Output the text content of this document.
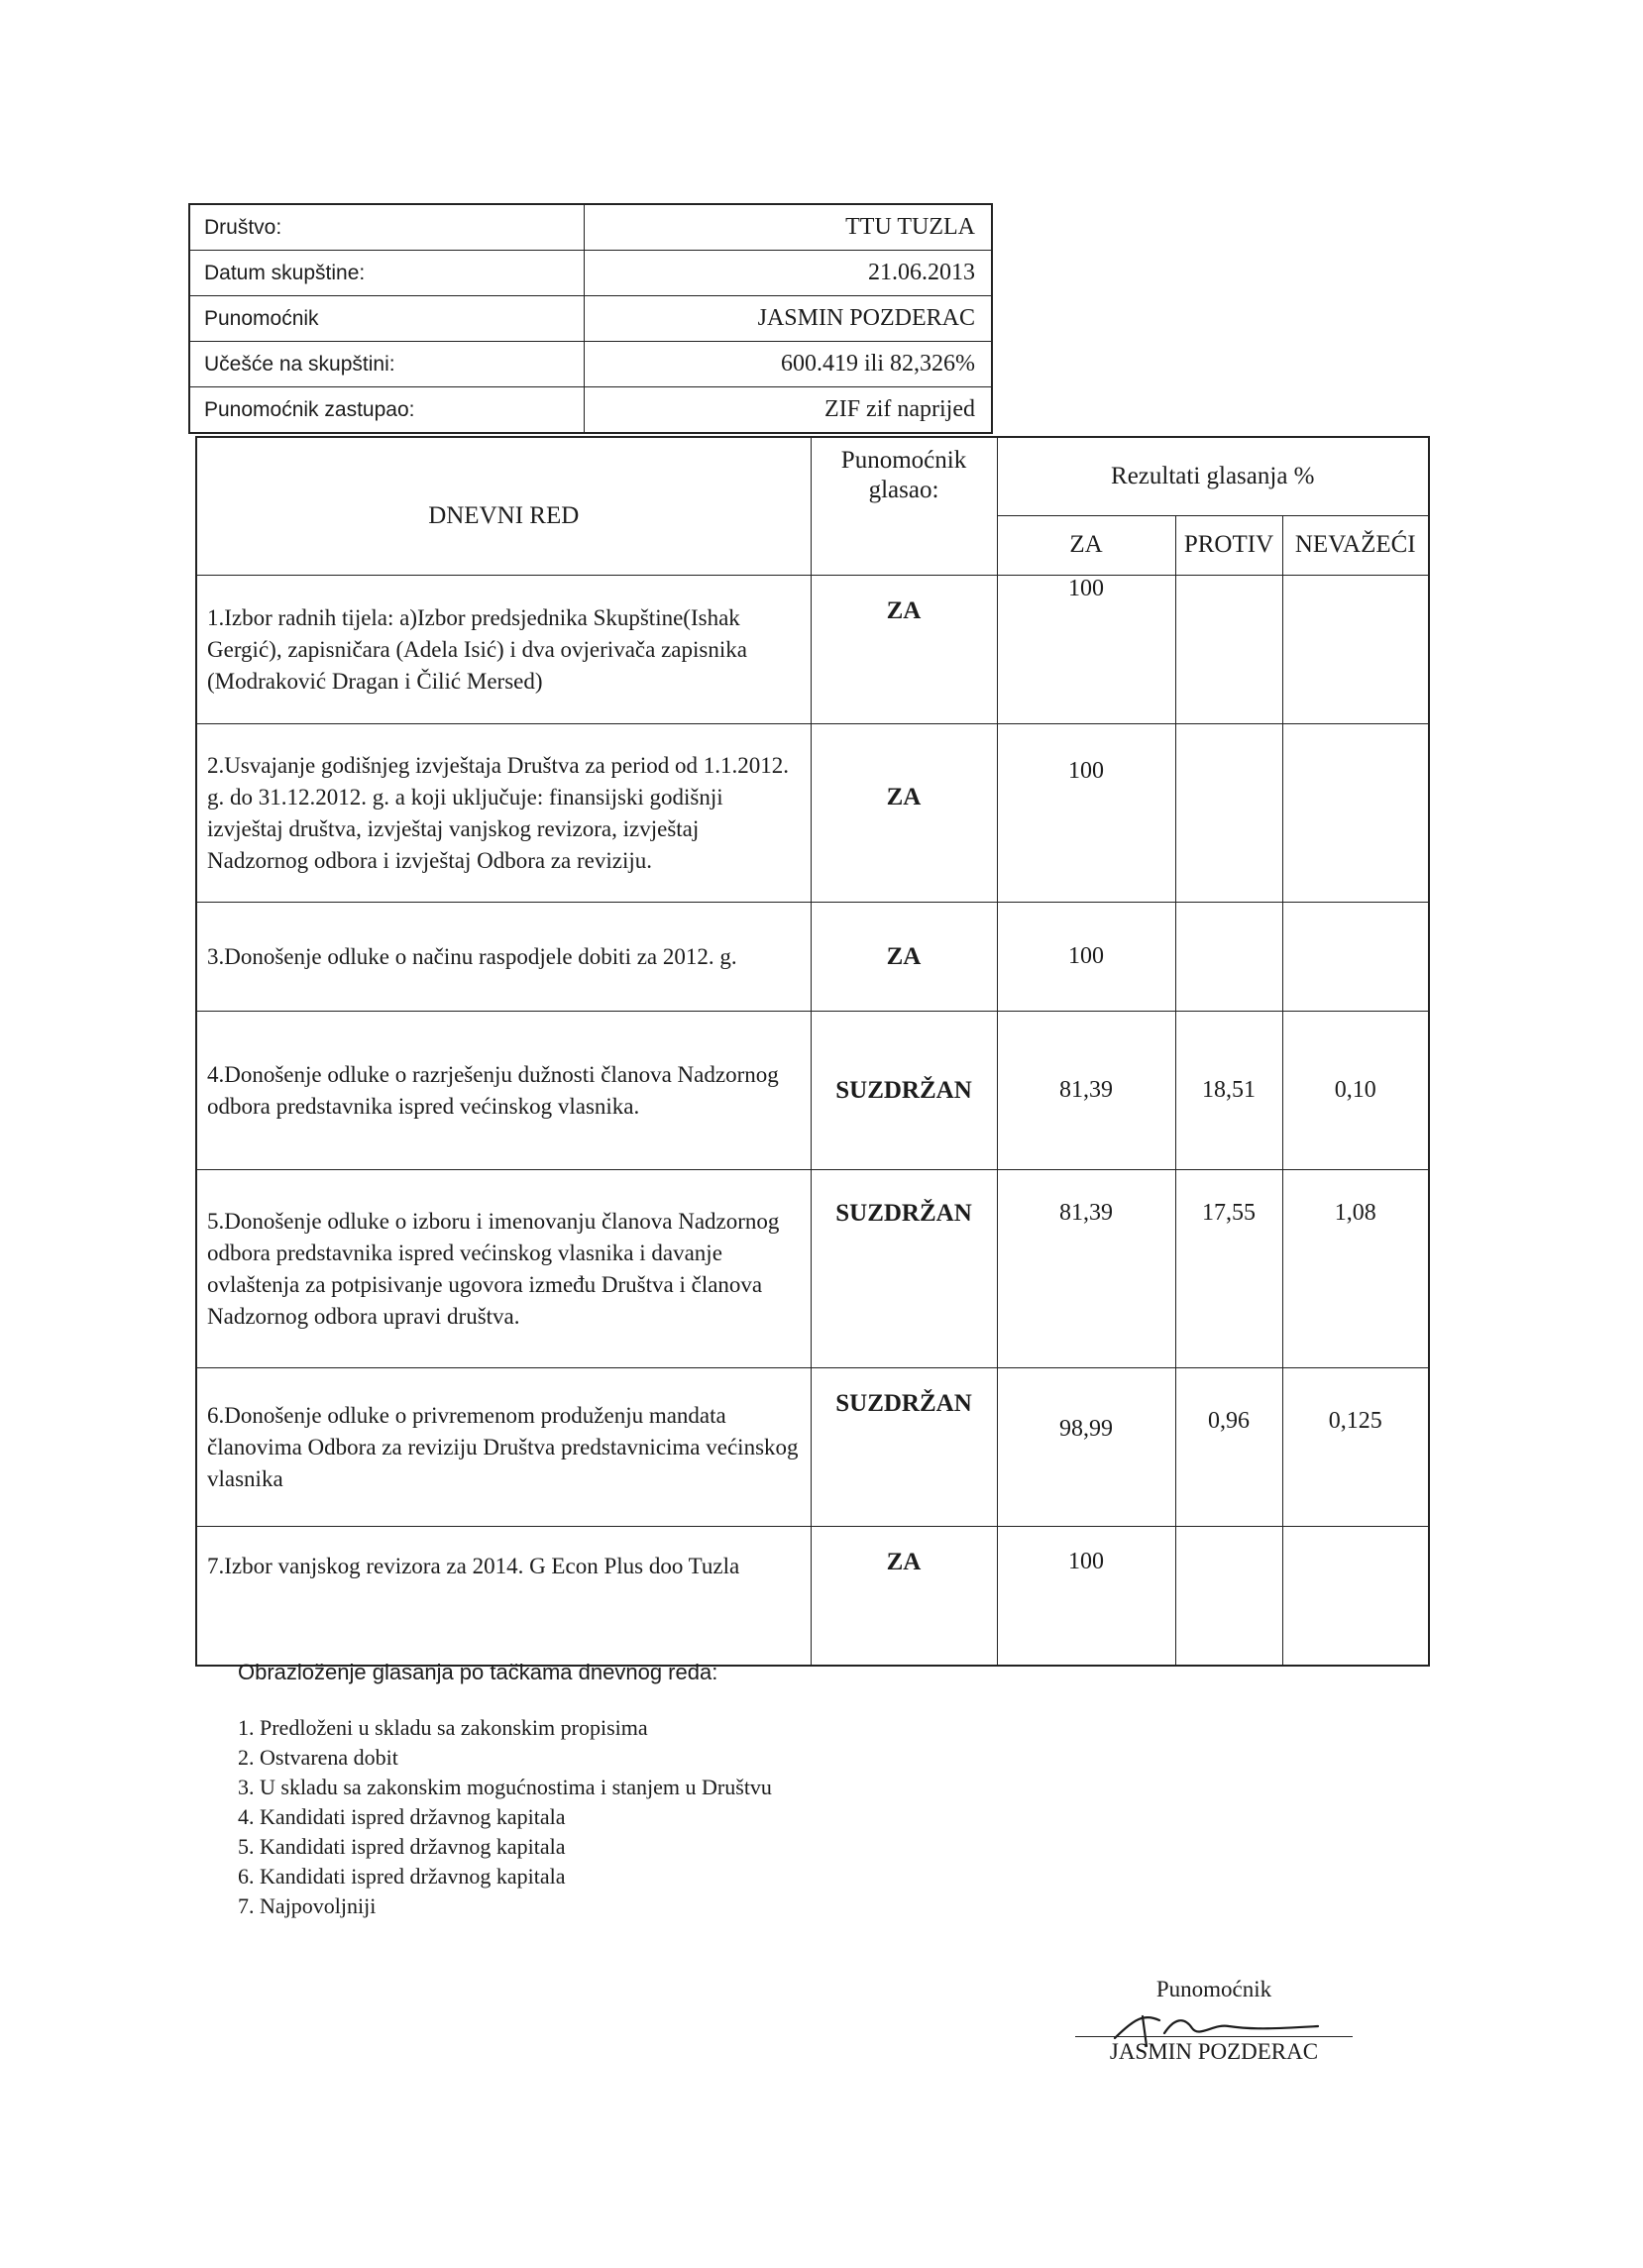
Društvo:	TTU TUZLA
Datum skupštine:	21.06.2013
Punomoćnik	JASMIN POZDERAC
Učešće na skupštini:	600.419 ili 82,326%
Punomoćnik zastupao:	ZIF zif naprijed
DNEVNI RED	Punomoćnik glasao:	Rezultati glasanja %		
		ZA	PROTIV	NEVAŽEĆI
1.Izbor radnih tijela: a)Izbor predsjednika Skupštine(Ishak Gergić), zapisničara (Adela Isić) i dva ovjerivača zapisnika (Modraković Dragan i Čilić Mersed)	ZA	100		
2.Usvajanje godišnjeg izvještaja Društva za period od 1.1.2012. g. do 31.12.2012. g. a koji uključuje: finansijski godišnji izvještaj društva, izvještaj vanjskog revizora, izvještaj Nadzornog odbora i izvještaj Odbora za reviziju.	ZA	100		
3.Donošenje odluke o načinu raspodjele dobiti za 2012. g.	ZA	100		
4.Donošenje odluke o razrješenju dužnosti članova Nadzornog odbora predstavnika ispred većinskog vlasnika.	SUZDRŽAN	81,39	18,51	0,10
5.Donošenje odluke o izboru i imenovanju članova Nadzornog odbora predstavnika ispred većinskog vlasnika i davanje ovlaštenja za potpisivanje ugovora između Društva i članova Nadzornog odbora upravi društva.	SUZDRŽAN	81,39	17,55	1,08
6.Donošenje odluke o privremenom produženju mandata članovima Odbora za reviziju Društva predstavnicima većinskog vlasnika	SUZDRŽAN	98,99	0,96	0,125
7.Izbor vanjskog revizora za 2014. G Econ Plus doo Tuzla	ZA	100		
Obrazloženje glasanja po tačkama dnevnog reda:
1. Predloženi u skladu sa zakonskim propisima
2. Ostvarena dobit
3. U skladu sa zakonskim mogućnostima i stanjem u Društvu
4. Kandidati ispred državnog kapitala
5. Kandidati ispred državnog kapitala
6. Kandidati ispred državnog kapitala
7. Najpovoljniji
Punomoćnik
JASMIN POZDERAC
